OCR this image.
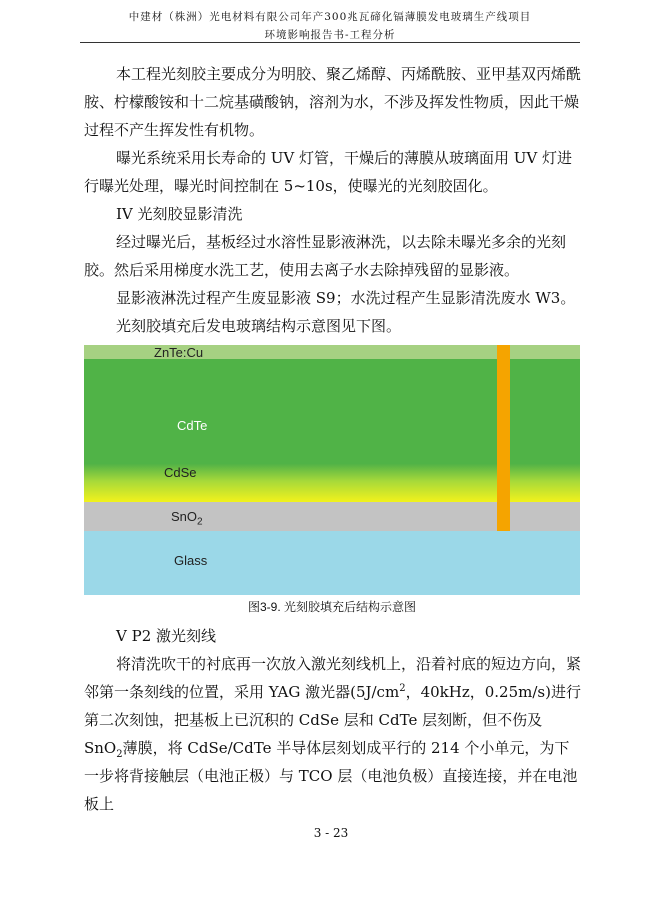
中建材（株洲）光电材料有限公司年产300兆瓦碲化镉薄膜发电玻璃生产线项目
环境影响报告书-工程分析
本工程光刻胶主要成分为明胶、聚乙烯醇、丙烯酰胺、亚甲基双丙烯酰胺、柠檬酸铵和十二烷基磺酸钠，溶剂为水，不涉及挥发性物质，因此干燥过程不产生挥发性有机物。
曝光系统采用长寿命的 UV 灯管，干燥后的薄膜从玻璃面用 UV 灯进行曝光处理，曝光时间控制在 5~10s，使曝光的光刻胶固化。
IV 光刻胶显影清洗
经过曝光后，基板经过水溶性显影液淋洗，以去除未曝光多余的光刻胶。然后采用梯度水洗工艺，使用去离子水去除掉残留的显影液。
显影液淋洗过程产生废显影液 S9；水洗过程产生显影清洗废水 W3。
光刻胶填充后发电玻璃结构示意图见下图。
ZnTe:Cu
CdTe
CdSe
SnO$_2$
Glass
图3-9. 光刻胶填充后结构示意图
V P2 激光刻线
将清洗吹干的衬底再一次放入激光刻线机上，沿着衬底的短边方向，紧邻第一条刻线的位置，采用 YAG 激光器($5J/cm^2$，40kHz，0.25m/s)进行第二次刻蚀，把基板上已沉积的 CdSe 层和 CdTe 层刻断，但不伤及 SnO$_2$薄膜，将 CdSe/CdTe 半导体层刻划成平行的 214 个小单元，为下一步将背接触层（电池正极）与 TCO 层（电池负极）直接连接，并在电池板上
3 - 23
